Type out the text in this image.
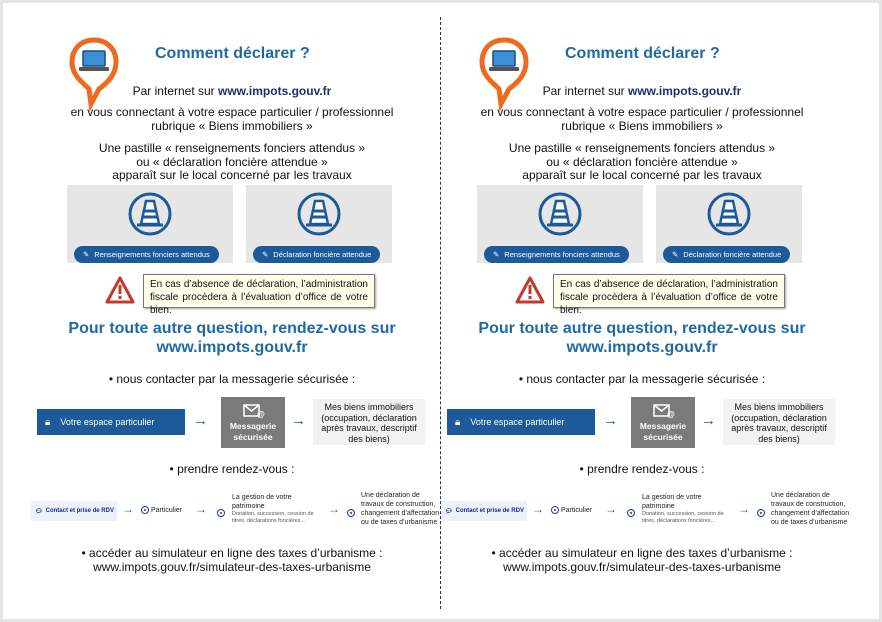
Comment déclarer ?
Par internet sur www.impots.gouv.fr
en vous connectant à votre espace particulier / professionnel
rubrique « Biens immobiliers »
Une pastille « renseignements fonciers attendus »
ou « déclaration foncière attendue »
apparaît sur le local concerné par les travaux
✎ Renseignements fonciers attendus	✎ Déclaration foncière attendue
En cas d’absence de déclaration, l’administration fiscale procèdera à l’évaluation d’office de votre bien.
Pour toute autre question, rendez-vous sur
www.impots.gouv.fr
• nous contacter par la messagerie sécurisée :
🔒︎ Votre espace particulier	→	@
Messagerie
sécurisée
→
Mes biens immobiliers (occupation, déclaration après travaux, descriptif des biens)
• prendre rendez-vous :
💬︎ Contact et prise de RDV →	Particulier →
La gestion de votre patrimoine
Donation, succession, cession de titres, déclarations foncières...
→
Une déclaration de travaux de construction, changement d’affectation ou de taxes d’urbanisme
• accéder au simulateur en ligne des taxes d’urbanisme :
www.impots.gouv.fr/simulateur-des-taxes-urbanisme
Comment déclarer ?
Par internet sur www.impots.gouv.fr
en vous connectant à votre espace particulier / professionnel
rubrique « Biens immobiliers »
Une pastille « renseignements fonciers attendus »
ou « déclaration foncière attendue »
apparaît sur le local concerné par les travaux
✎ Renseignements fonciers attendus	✎ Déclaration foncière attendue
En cas d’absence de déclaration, l’administration fiscale procèdera à l’évaluation d’office de votre bien.
Pour toute autre question, rendez-vous sur
www.impots.gouv.fr
• nous contacter par la messagerie sécurisée :
🔒︎ Votre espace particulier	→	@
Messagerie
sécurisée
→
Mes biens immobiliers (occupation, déclaration après travaux, descriptif des biens)
• prendre rendez-vous :
💬︎ Contact et prise de RDV →	Particulier →
La gestion de votre patrimoine
Donation, succession, cession de titres, déclarations foncières...
→
Une déclaration de travaux de construction, changement d’affectation ou de taxes d’urbanisme
• accéder au simulateur en ligne des taxes d’urbanisme :
www.impots.gouv.fr/simulateur-des-taxes-urbanisme
